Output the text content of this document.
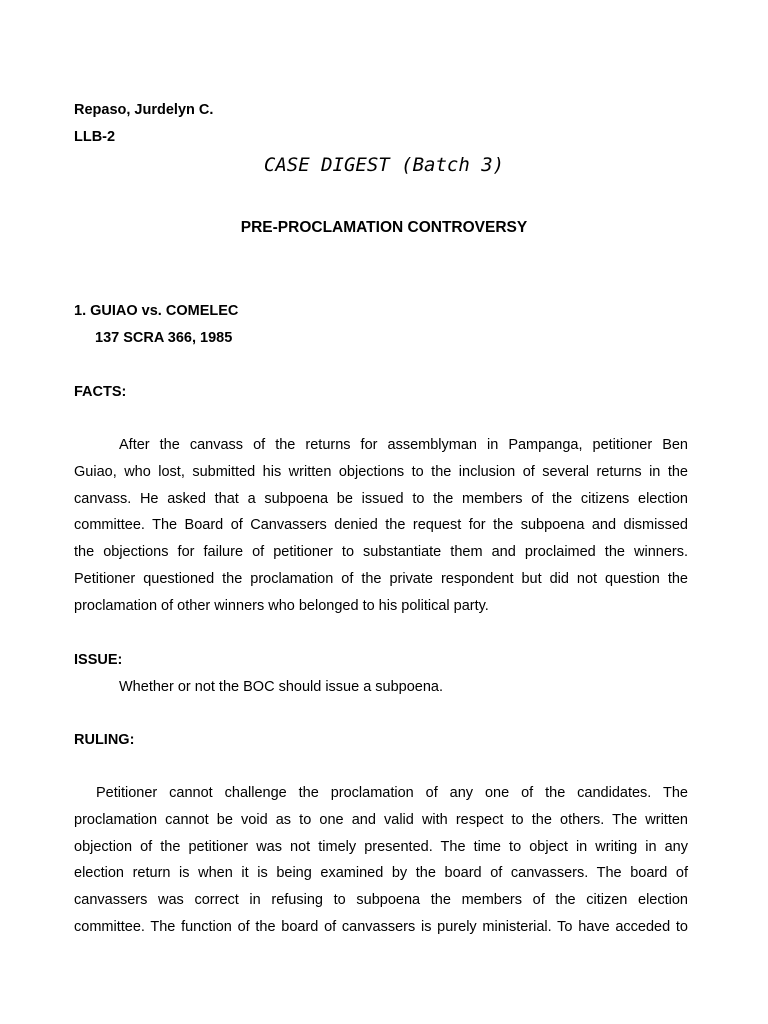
Repaso, Jurdelyn C.
LLB-2
CASE DIGEST (Batch 3)
PRE-PROCLAMATION CONTROVERSY
1. GUIAO vs. COMELEC
137 SCRA 366, 1985
FACTS:
After the canvass of the returns for assemblyman in Pampanga, petitioner Ben
Guiao, who lost, submitted his written objections to the inclusion of several returns in the
canvass. He asked that a subpoena be issued to the members of the citizens election
committee. The Board of Canvassers denied the request for the subpoena and dismissed
the objections for failure of petitioner to substantiate them and proclaimed the winners.
Petitioner questioned the proclamation of the private respondent but did not question the
proclamation of other winners who belonged to his political party.
ISSUE:
Whether or not the BOC should issue a subpoena.
RULING:
Petitioner cannot challenge the proclamation of any one of the candidates. The
proclamation cannot be void as to one and valid with respect to the others. The written
objection of the petitioner was not timely presented. The time to object in writing in any
election return is when it is being examined by the board of canvassers. The board of
canvassers was correct in refusing to subpoena the members of the citizen election
committee. The function of the board of canvassers is purely ministerial. To have acceded to
